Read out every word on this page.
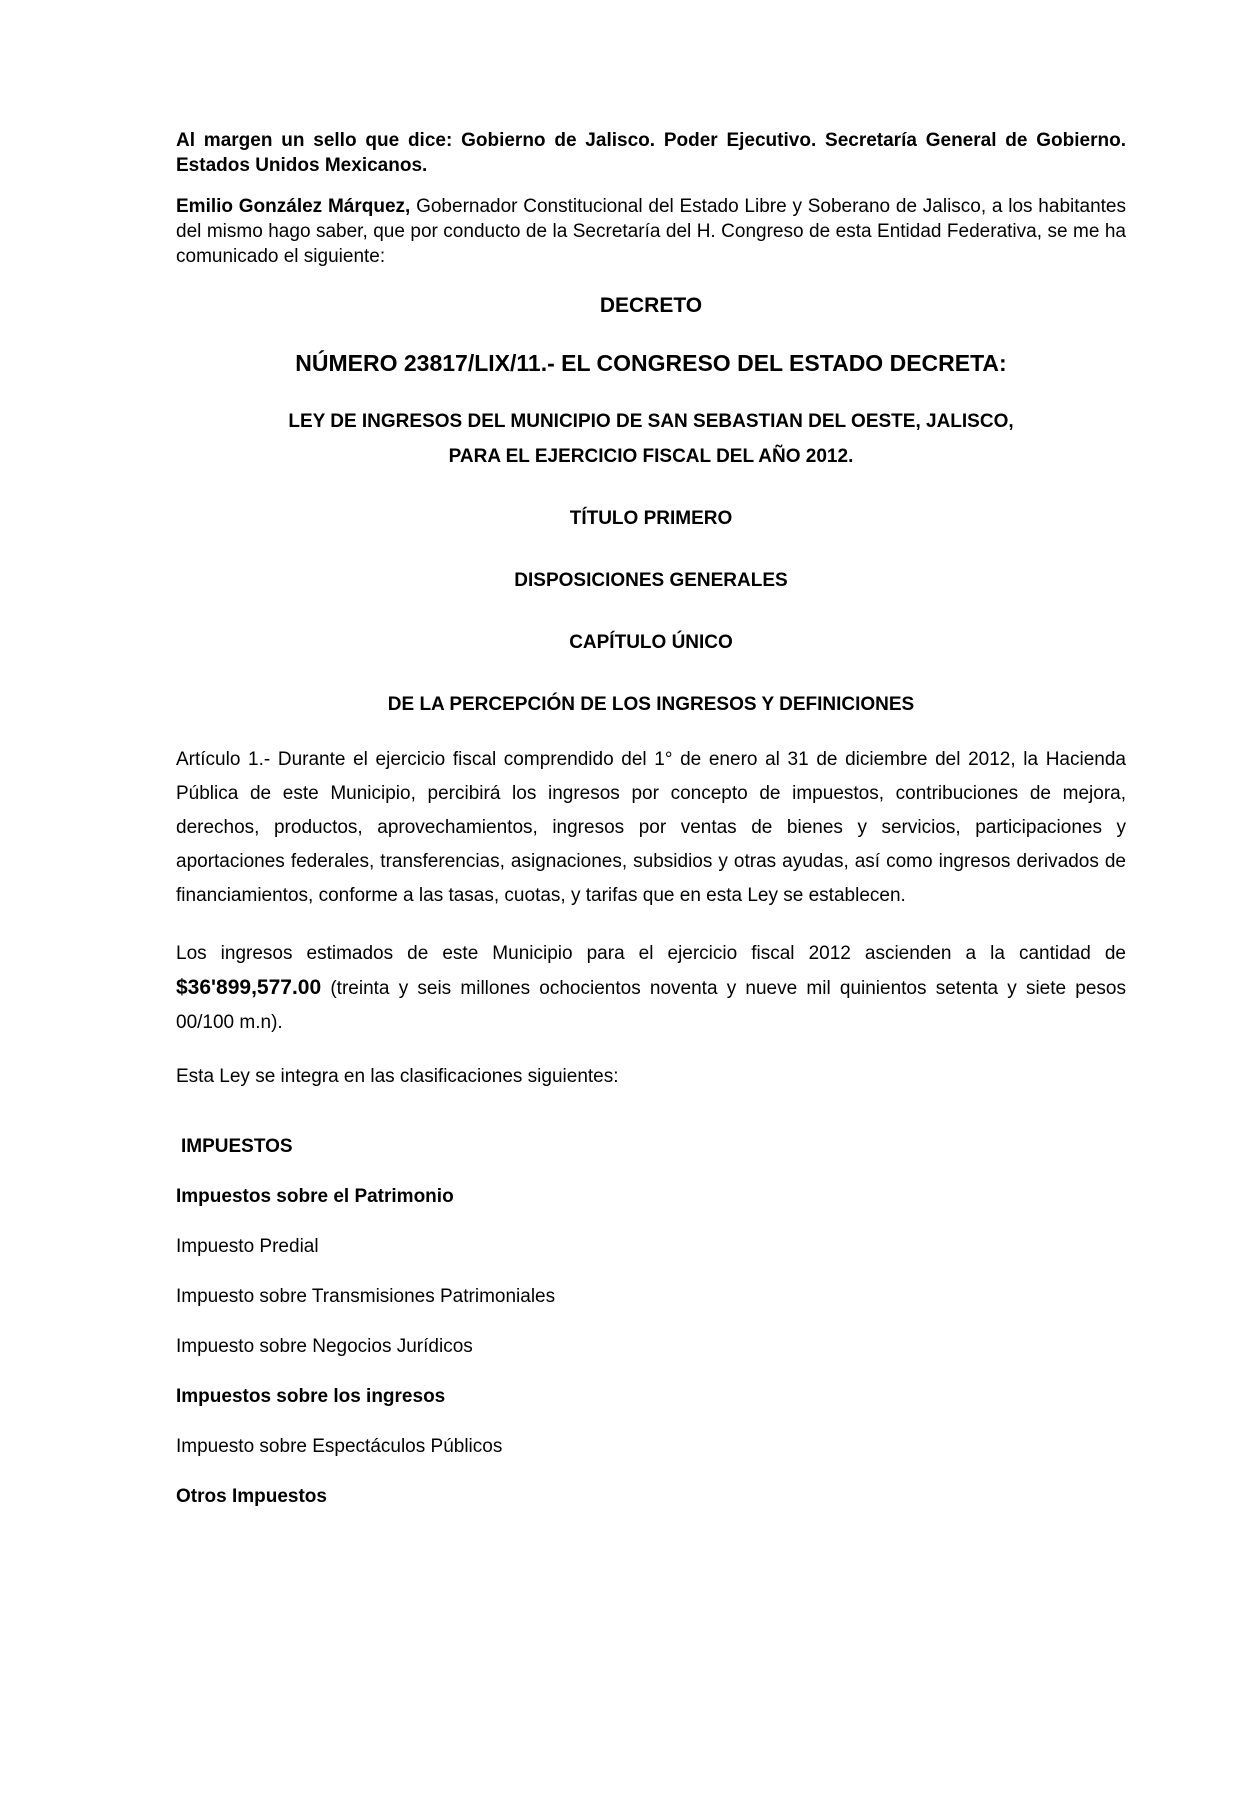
Al margen un sello que dice: Gobierno de Jalisco. Poder Ejecutivo. Secretaría General de Gobierno. Estados Unidos Mexicanos.

Emilio González Márquez, Gobernador Constitucional del Estado Libre y Soberano de Jalisco, a los habitantes del mismo hago saber, que por conducto de la Secretaría del H. Congreso de esta Entidad Federativa, se me ha comunicado el siguiente:

DECRETO

NÚMERO 23817/LIX/11.- EL CONGRESO DEL ESTADO DECRETA:

LEY DE INGRESOS DEL MUNICIPIO DE SAN SEBASTIAN DEL OESTE, JALISCO,

PARA EL EJERCICIO FISCAL DEL AÑO 2012.

TÍTULO PRIMERO

DISPOSICIONES GENERALES

CAPÍTULO ÚNICO

DE LA PERCEPCIÓN DE LOS INGRESOS Y DEFINICIONES

Artículo 1.- Durante el ejercicio fiscal comprendido del 1° de enero al 31 de diciembre del 2012, la Hacienda Pública de este Municipio, percibirá los ingresos por concepto de impuestos, contribuciones de mejora, derechos, productos, aprovechamientos, ingresos por ventas de bienes y servicios, participaciones y aportaciones federales, transferencias, asignaciones, subsidios y otras ayudas, así como ingresos derivados de financiamientos, conforme a las tasas, cuotas, y tarifas que en esta Ley se establecen.

Los ingresos estimados de este Municipio para el ejercicio fiscal 2012 ascienden a la cantidad de $36'899,577.00 (treinta y seis millones ochocientos noventa y nueve mil quinientos setenta y siete pesos 00/100 m.n).

Esta Ley se integra en las clasificaciones siguientes:

IMPUESTOS

Impuestos sobre el Patrimonio

Impuesto Predial

Impuesto sobre Transmisiones Patrimoniales

Impuesto sobre Negocios Jurídicos

Impuestos sobre los ingresos

Impuesto sobre Espectáculos Públicos

Otros Impuestos
